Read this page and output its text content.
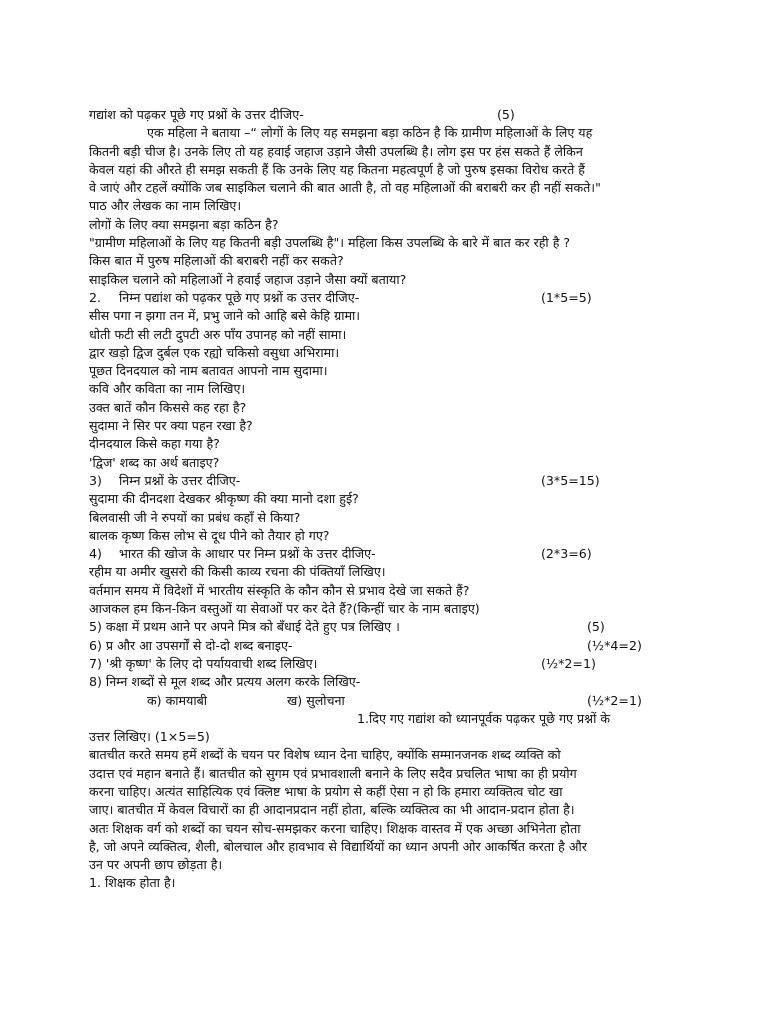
गद्यांश को पढ़कर पूछे गए प्रश्नों के उत्तर दीजिए-	(5)
एक महिला ने बताया –“ लोगों के लिए यह समझना बड़ा कठिन है कि ग्रामीण महिलाओं के लिए यह
कितनी बड़ी चीज है। उनके लिए तो यह हवाई जहाज उड़ाने जैसी उपलब्धि है। लोग इस पर हंस सकते हैं लेकिन
केवल यहां की औरते ही समझ सकती हैं कि उनके लिए यह कितना महत्वपूर्ण है जो पुरुष इसका विरोध करते हैं
वे जाएं और टहलें क्योंकि जब साइकिल चलाने की बात आती है, तो वह महिलाओं की बराबरी कर ही नहीं सकते।"
पाठ और लेखक का नाम लिखिए।
लोगों के लिए क्या समझना बड़ा कठिन है?
"ग्रामीण महिलाओं के लिए यह कितनी बड़ी उपलब्धि है"। महिला किस उपलब्धि के बारे में बात कर रही है ?
किस बात में पुरुष महिलाओं की बराबरी नहीं कर सकते?
साइकिल चलाने को महिलाओं ने हवाई जहाज उड़ाने जैसा क्यों बताया?
2. निम्न पद्यांश को पढ़कर पूछे गए प्रश्नों क उत्तर दीजिए-	(1*5=5)
सीस पगा न झगा तन में, प्रभु जाने को आहि बसे केहि ग्रामा।
धोती फटी सी लटी दुपटी अरु पाँय उपानह को नहीं सामा।
द्वार खड़ो द्विज दुर्बल एक रह्यो चकिसो वसुधा अभिरामा।
पूछत दिनदयाल को नाम बतावत आपनो नाम सुदामा।
कवि और कविता का नाम लिखिए।
उक्त बातें कौन किससे कह रहा है?
सुदामा ने सिर पर क्या पहन रखा है?
दीनदयाल किसे कहा गया है?
'द्विज' शब्द का अर्थ बताइए?
3) निम्न प्रश्नों के उत्तर दीजिए-	(3*5=15)
सुदामा की दीनदशा देखकर श्रीकृष्ण की क्या मानो दशा हुई?
बिलवासी जी ने रुपयों का प्रबंध कहाँ से किया?
बालक कृष्ण किस लोभ से दूध पीने को तैयार हो गए?
4) भारत की खोज के आधार पर निम्न प्रश्नों के उत्तर दीजिए-	(2*3=6)
रहीम या अमीर खुसरो की किसी काव्य रचना की पंक्तियाँ लिखिए।
वर्तमान समय में विदेशों में भारतीय संस्कृति के कौन कौन से प्रभाव देखे जा सकते हैं?
आजकल हम किन-किन वस्तुओं या सेवाओं पर कर देते हैं?(किन्हीं चार के नाम बताइए)
5) कक्षा में प्रथम आने पर अपने मित्र को बँधाई देते हुए पत्र लिखिए ।	(5)
6) प्र और आ उपसर्गों से दो-दो शब्द बनाइए-	(½*4=2)
7) 'श्री कृष्ण' के लिए दो पर्यायवाची शब्द लिखिए।	(½*2=1)
8) निम्न शब्दों से मूल शब्द और प्रत्यय अलग करके लिखिए-
क) कामयाबी	ख) सुलोचना	(½*2=1)
1.दिए गए गद्यांश को ध्यानपूर्वक पढ़कर पूछे गए प्रश्नों के
उत्तर लिखिए। (1×5=5)
बातचीत करते समय हमें शब्दों के चयन पर विशेष ध्यान देना चाहिए, क्योंकि सम्मानजनक शब्द व्यक्ति को
उदात्त एवं महान बनाते हैं। बातचीत को सुगम एवं प्रभावशाली बनाने के लिए सदैव प्रचलित भाषा का ही प्रयोग
करना चाहिए। अत्यंत साहित्यिक एवं क्लिष्ट भाषा के प्रयोग से कहीं ऐसा न हो कि हमारा व्यक्तित्व चोट खा
जाए। बातचीत में केवल विचारों का ही आदानप्रदान नहीं होता, बल्कि व्यक्तित्व का भी आदान-प्रदान होता है।
अतः शिक्षक वर्ग को शब्दों का चयन सोच-समझकर करना चाहिए। शिक्षक वास्तव में एक अच्छा अभिनेता होता
है, जो अपने व्यक्तित्व, शैली, बोलचाल और हावभाव से विद्यार्थियों का ध्यान अपनी ओर आकर्षित करता है और
उन पर अपनी छाप छोड़ता है।
1. शिक्षक होता है।
